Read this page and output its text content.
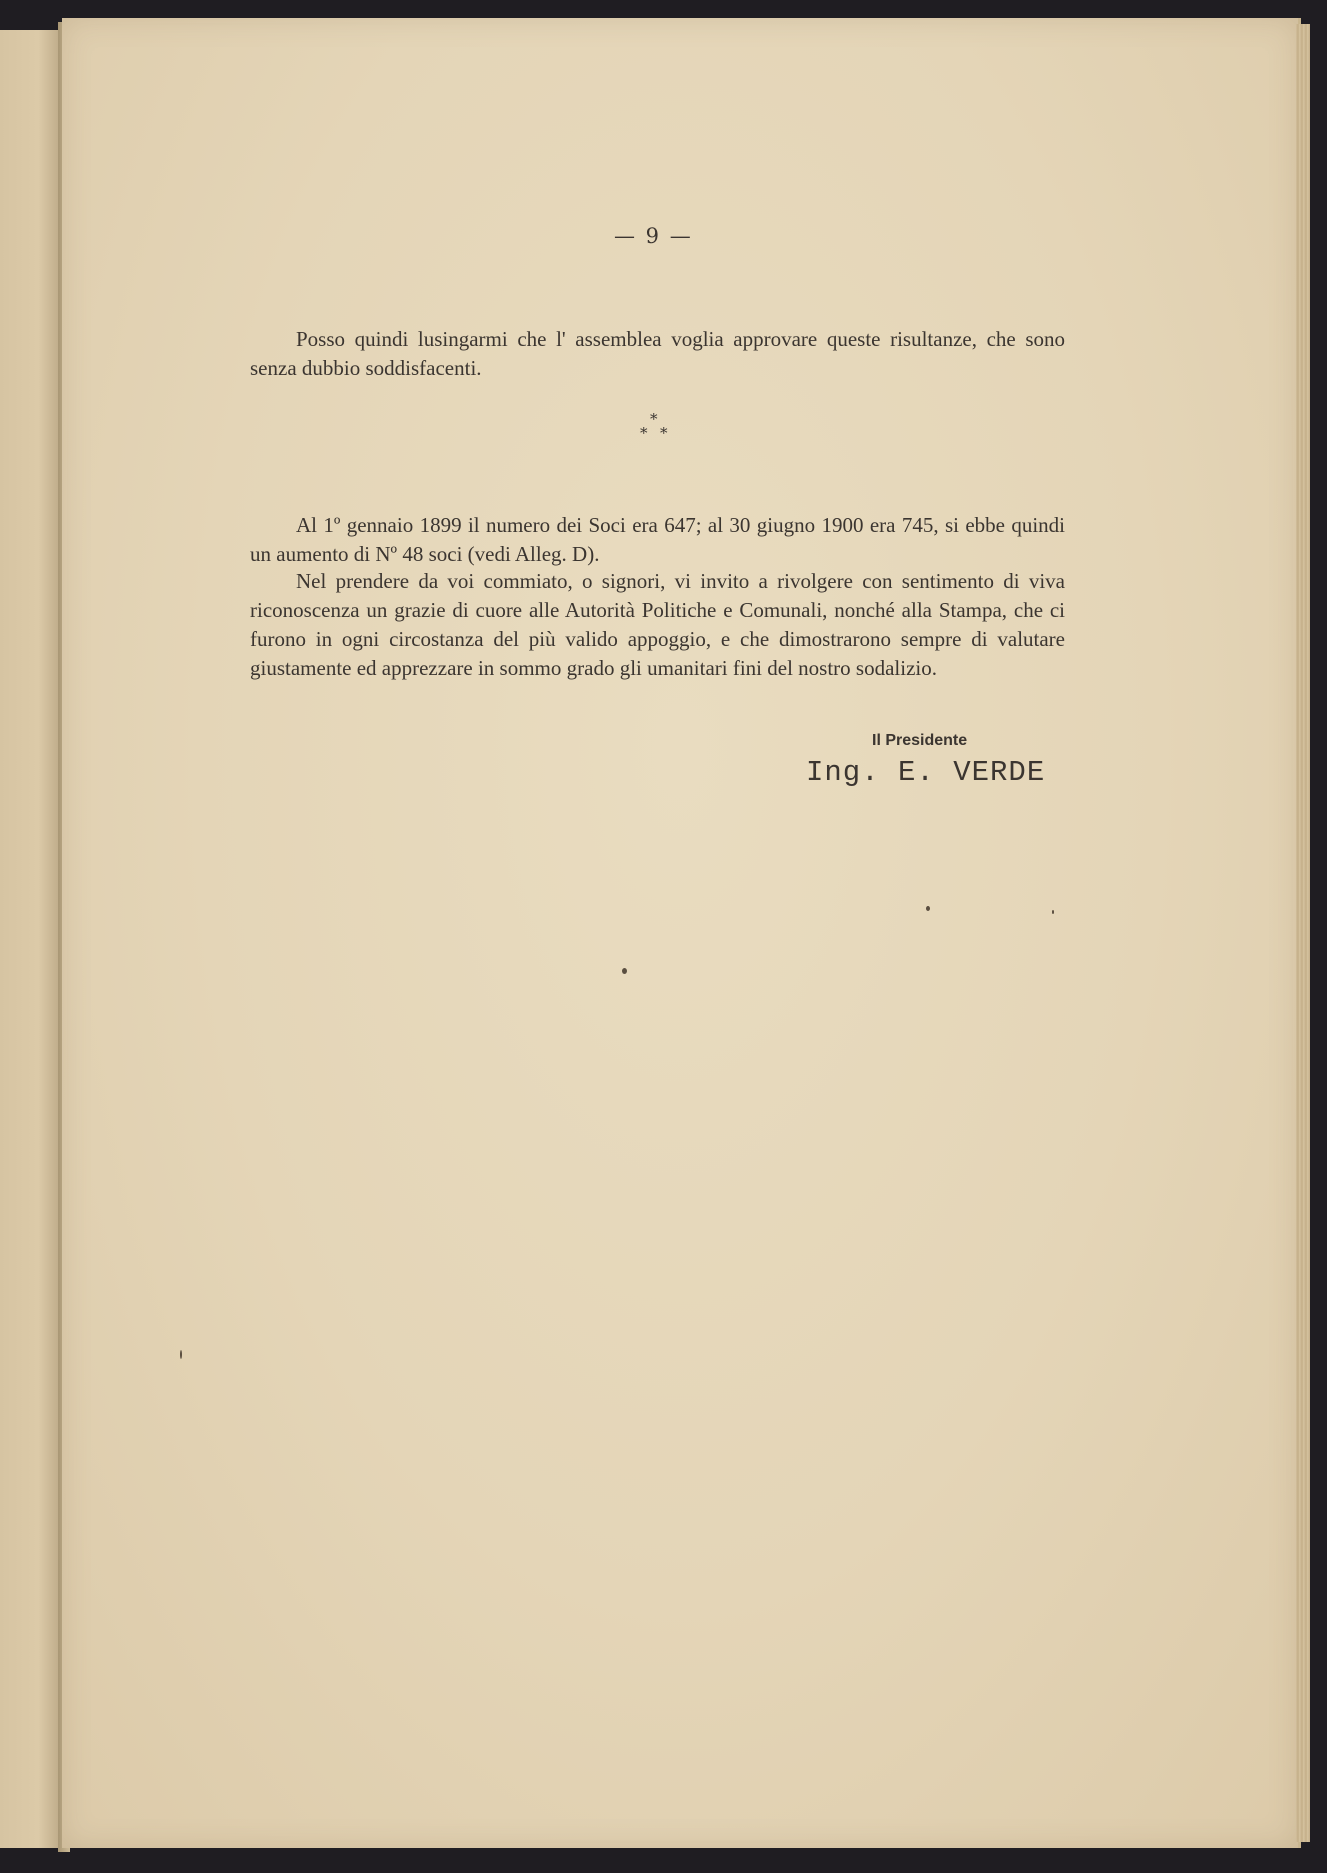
— 9 —

Posso quindi lusingarmi che l' assemblea voglia approvare queste risultanze, che sono senza dubbio soddisfacenti.

*
* *

Al 1º gennaio 1899 il numero dei Soci era 647; al 30 giugno 1900 era 745, si ebbe quindi un aumento di Nº 48 soci (vedi Alleg. D).

Nel prendere da voi commiato, o signori, vi invito a rivolgere con sentimento di viva riconoscenza un grazie di cuore alle Autorità Politiche e Comunali, nonché alla Stampa, che ci furono in ogni circostanza del più valido appoggio, e che dimostrarono sempre di valutare giustamente ed apprezzare in sommo grado gli umanitari fini del nostro sodalizio.

Il Presidente
Ing. E. VERDE
